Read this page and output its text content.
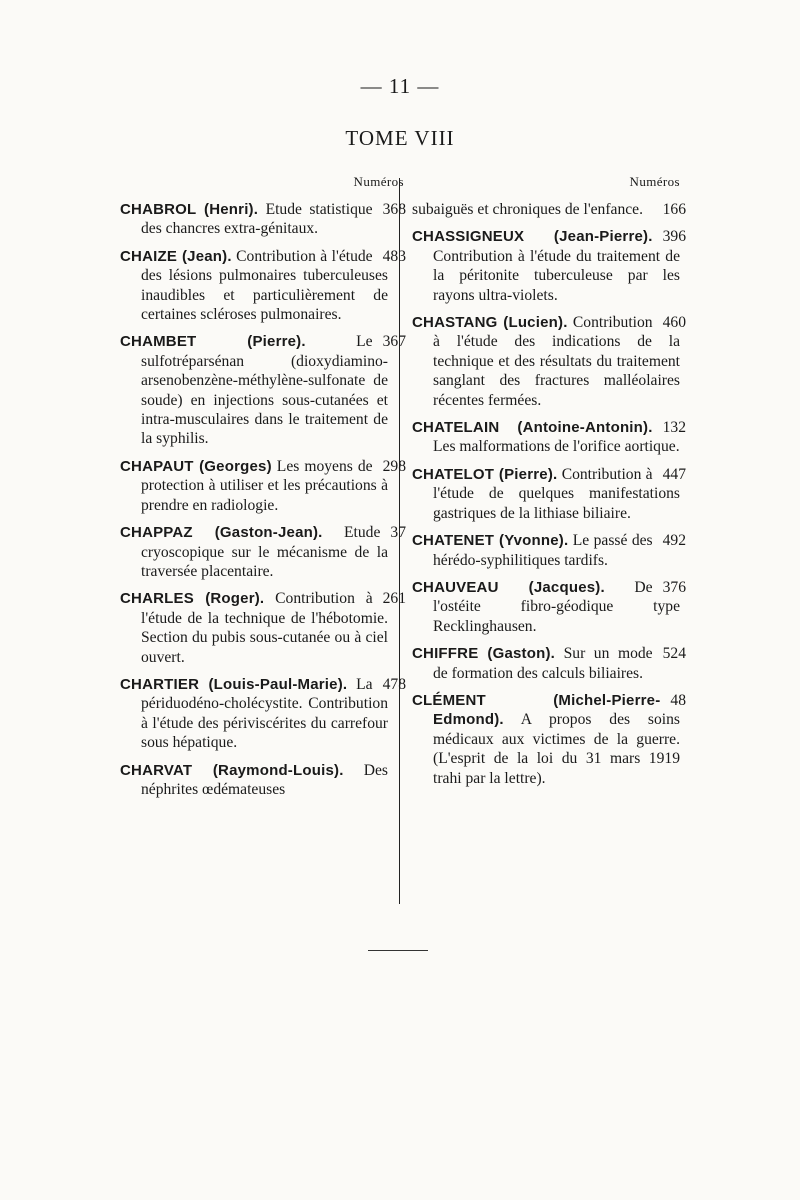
— 11 —
TOME VIII
Numéros
368
CHABROL (Henri). Etude statistique des chancres extra-génitaux.
483
CHAIZE (Jean). Contribution à l'étude des lésions pulmonaires tuberculeuses inaudibles et particulièrement de certaines scléroses pulmonaires.
367
CHAMBET (Pierre).	Le sulfotréparsénan (dioxydiamino-arsenobenzène-méthylène-sulfonate de soude) en injections sous-cutanées et intra-musculaires dans le traitement de la syphilis.
298
CHAPAUT (Georges) Les moyens de protection à utiliser et les précautions à prendre en radiologie.
37
CHAPPAZ (Gaston-Jean). Etude cryoscopique sur le mécanisme de la traversée placentaire.
261
CHARLES (Roger). Contribution à l'étude de la technique de l'hébotomie. Section du pubis sous-cutanée ou à ciel ouvert.
478
CHARTIER (Louis-Paul-Marie). La périduodéno-cholécystite. Contribution à l'étude des périviscérites du carrefour sous hépatique.
CHARVAT (Raymond-Louis). Des néphrites œdémateuses
Numéros
166
subaiguës et chroniques de l'enfance.
396
CHASSIGNEUX (Jean-Pierre). Contribution à l'étude du traitement de la péritonite tuberculeuse par les rayons ultra-violets.
460
CHASTANG (Lucien). Contribution à l'étude des indications de la technique et des résultats du traitement sanglant des fractures malléolaires récentes fermées.
132
CHATELAIN (Antoine-Antonin). Les malformations de l'orifice aortique.
447
CHATELOT (Pierre). Contribution à l'étude de quelques manifestations gastriques de la lithiase biliaire.
492
CHATENET (Yvonne). Le passé des hérédo-syphilitiques tardifs.
376
CHAUVEAU (Jacques). De l'ostéite fibro-géodique type Recklinghausen.
524
CHIFFRE (Gaston). Sur un mode de formation des calculs biliaires.
48
CLÉMENT (Michel-Pierre-Edmond). A propos des soins médicaux aux victimes de la guerre. (L'esprit de la loi du 31 mars 1919 trahi par la lettre).
